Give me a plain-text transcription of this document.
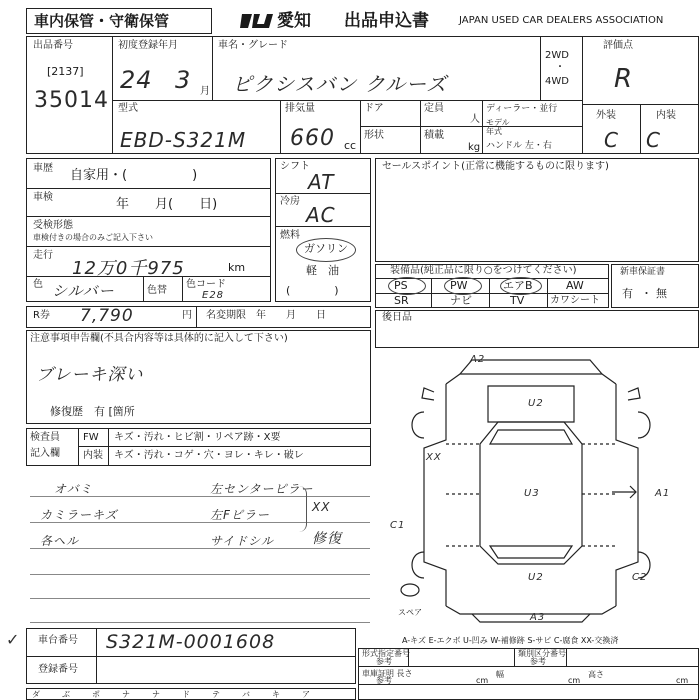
車内保管・守衛保管	愛知 出品申込書	JAPAN USED CAR DEALERS ASSOCIATION
出品番号
[2137]
35014
初度登録年月
24 3 月
車名・グレード
ピクシスバン クルーズ
2WD
4WD
・
評価点
R
外装	内装
C C
型式
EBD-S321M
排気量
660 cc
ドア	定員
人
形状	積載
kg
ディーラー・並行
モデル
年式
ハンドル 左・右
車歴 自家用・(　　　　　)
車検	年　　月(　　日)
受検形態
車検付きの場合のみご記入下さい
走行
12万0千975	km
色 シルバー	色替
色コード
E28
シフト
AT
冷房
AC
燃料
ガソリン
軽　油
(　　　　)
R券 7,790	円 名変期限 年　　月　　日
注意事項申告欄(不具合内容等は具体的に記入して下さい)
ブレーキ深い
修復歴　有 [箇所
検査員
記入欄
FW キズ・汚れ・ヒビ割・リペア跡・X要
内装 キズ・汚れ・コゲ・穴・ヨレ・キレ・破レ
オバミ
カミラーキズ
各ヘル
左センターピラー
左Fピラー
サイドシル
XX
修復
車台番号 S321M-0001608
登録番号
✓
ダ	ぶ	ポ	ナ	ナ	ド	テ	バ	キ	ア
セールスポイント(正常に機能するものに限ります)
装備品(純正品に限り○をつけてください)
PS	PW	エアB	AW
SR	ナビ	TV	カワシート
新車保証書
有 ・ 無
後日品
A2
U2
XX
U3	A1
C1
U2	C2
A3
スペア
A-キズ E-エクボ U-凹み W-補修跡 S-サビ C-腐食 XX-交換済
形式指定番号
参考
類別区分番号
参考
車庫証明 長さ
参考
幅	高さ
cm	cm	cm
